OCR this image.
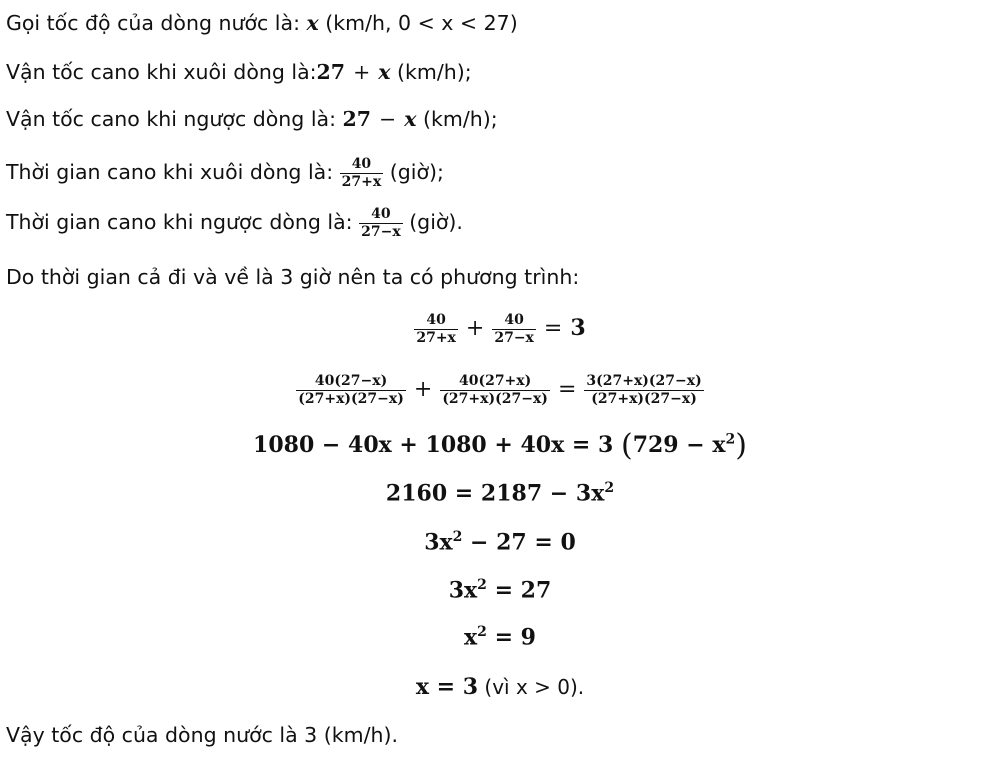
Gọi tốc độ của dòng nước là: x (km/h, 0 < x < 27)
Vận tốc cano khi xuôi dòng là:27 + x (km/h);
Vận tốc cano khi ngược dòng là: 27 − x (km/h);
Thời gian cano khi xuôi dòng là: $\frac{40}{27+x}$ (giờ);
Thời gian cano khi ngược dòng là: $\frac{40}{27-x}$ (giờ).
Do thời gian cả đi và về là 3 giờ nên ta có phương trình:
$\frac{40}{27+x} + \frac{40}{27-x} = 3$
$\frac{40(27-x)}{(27+x)(27-x)} + \frac{40(27+x)}{(27+x)(27-x)} = \frac{3(27+x)(27-x)}{(27+x)(27-x)}$
1080 − 40x + 1080 + 40x = 3 $(729 - x^2)$
$2160 = 2187 - 3x^2$
$3x^2 - 27 = 0$
$3x^2 = 27$
$x^2 = 9$
x = 3 (vì x > 0).
Vậy tốc độ của dòng nước là 3 (km/h).
